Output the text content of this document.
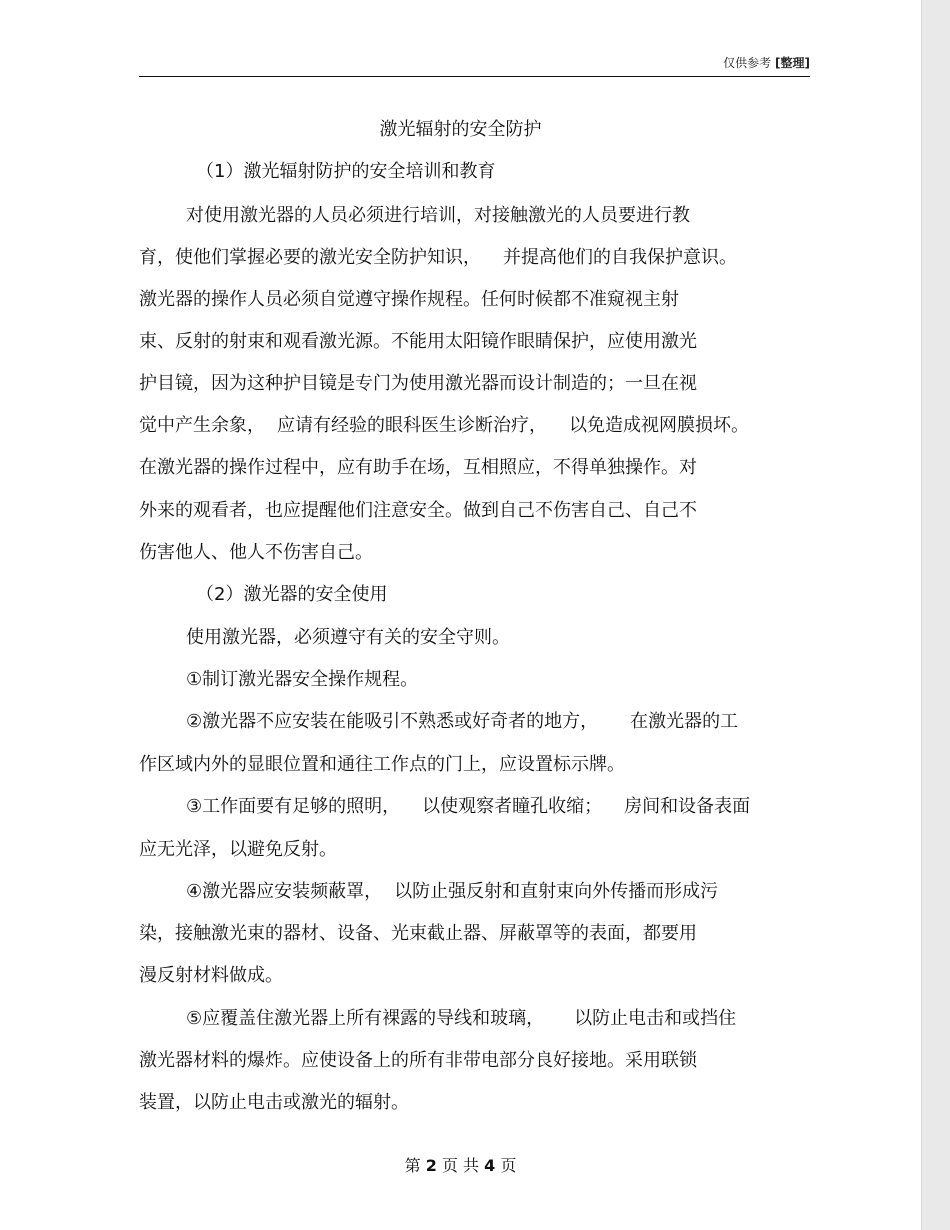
仅供参考 [整理]
激光辐射的安全防护
（1）激光辐射防护的安全培训和教育
对使用激光器的人员必须进行培训，对接触激光的人员要进行教
育，使他们掌握必要的激光安全防护知识， 并提高他们的自我保护意识。
激光器的操作人员必须自觉遵守操作规程。任何时候都不准窥视主射
束、反射的射束和观看激光源。不能用太阳镜作眼睛保护，应使用激光
护目镜，因为这种护目镜是专门为使用激光器而设计制造的；一旦在视
觉中产生余象， 应请有经验的眼科医生诊断治疗， 以免造成视网膜损坏。
在激光器的操作过程中，应有助手在场，互相照应，不得单独操作。对
外来的观看者，也应提醒他们注意安全。做到自己不伤害自己、自己不
伤害他人、他人不伤害自己。
（2）激光器的安全使用
使用激光器，必须遵守有关的安全守则。
①制订激光器安全操作规程。
②激光器不应安装在能吸引不熟悉或好奇者的地方， 在激光器的工
作区域内外的显眼位置和通往工作点的门上，应设置标示牌。
③工作面要有足够的照明， 以使观察者瞳孔收缩； 房间和设备表面
应无光泽，以避免反射。
④激光器应安装频蔽罩， 以防止强反射和直射束向外传播而形成污
染，接触激光束的器材、设备、光束截止器、屏蔽罩等的表面，都要用
漫反射材料做成。
⑤应覆盖住激光器上所有裸露的导线和玻璃， 以防止电击和或挡住
激光器材料的爆炸。应使设备上的所有非带电部分良好接地。采用联锁
装置，以防止电击或激光的辐射。
第 2 页 共 4 页
